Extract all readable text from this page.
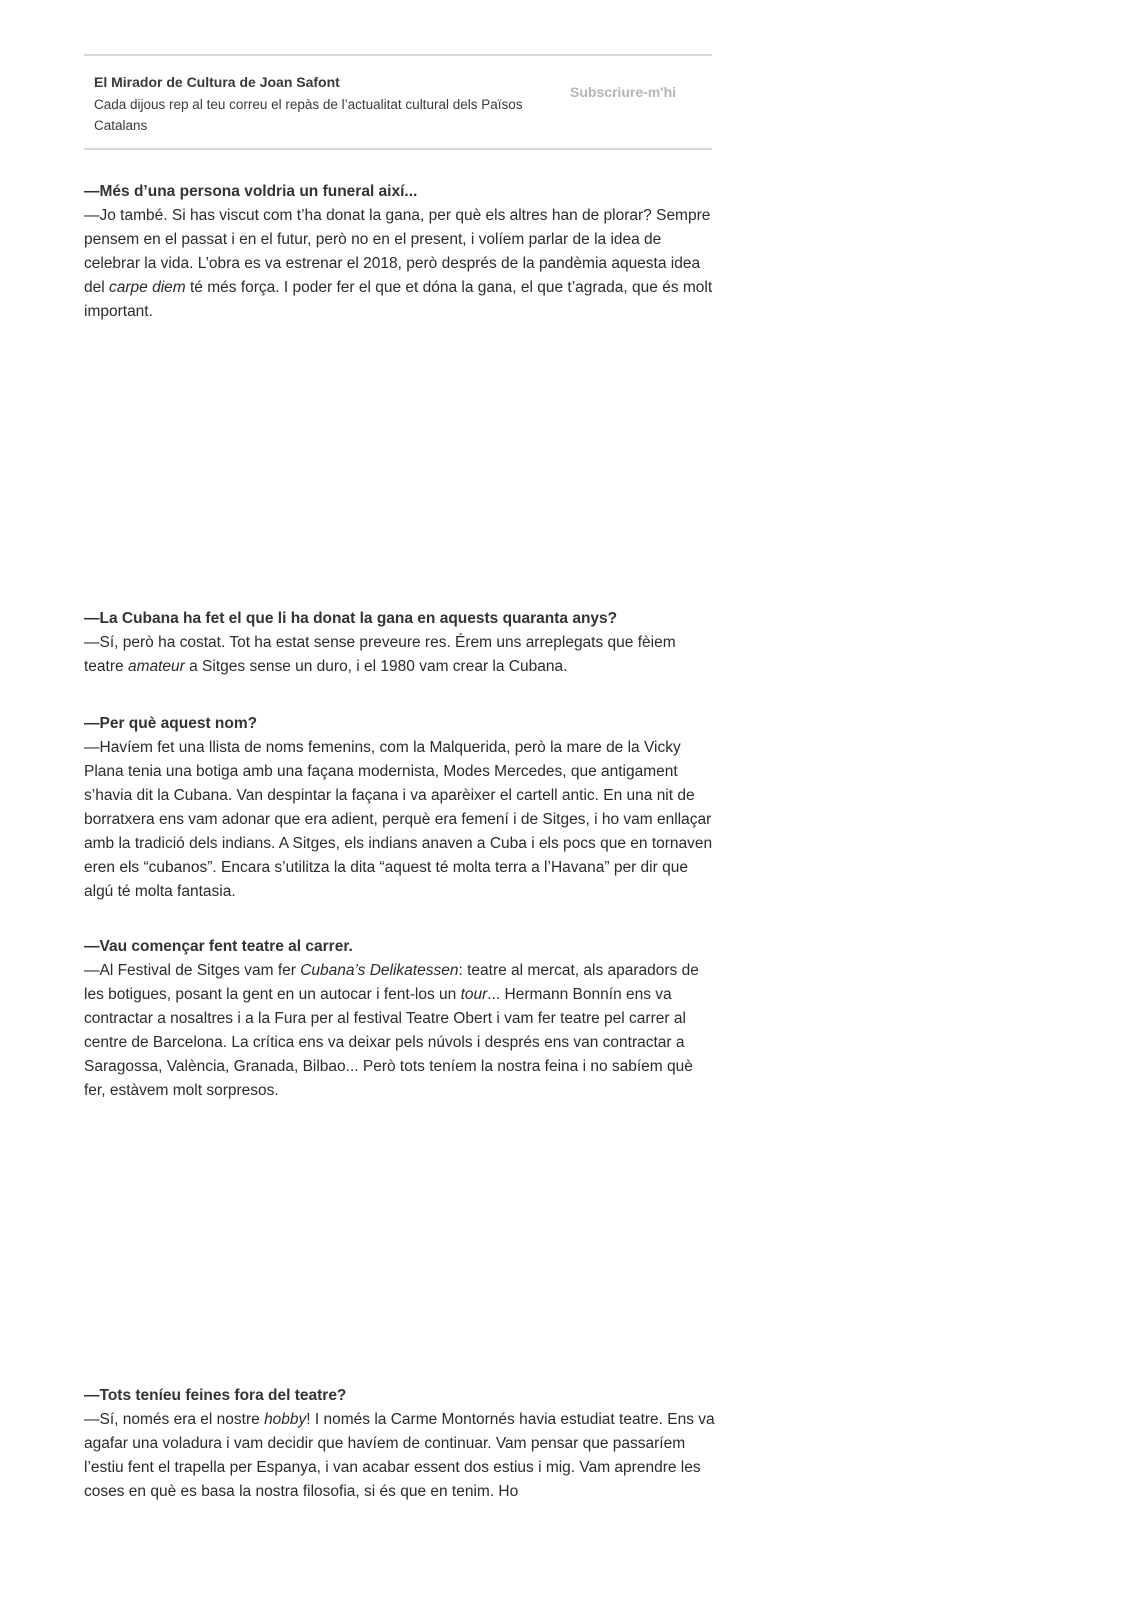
El Mirador de Cultura de Joan Safont
Cada dijous rep al teu correu el repàs de l’actualitat cultural dels Països Catalans
Subscriure-m'hi

—Més d’una persona voldria un funeral així...

—Jo també. Si has viscut com t’ha donat la gana, per què els altres han de plorar? Sempre pensem en el passat i en el futur, però no en el present, i volíem parlar de la idea de celebrar la vida. L’obra es va estrenar el 2018, però després de la pandèmia aquesta idea del carpe diem té més força. I poder fer el que et dóna la gana, el que t’agrada, que és molt important.

—La Cubana ha fet el que li ha donat la gana en aquests quaranta anys?

—Sí, però ha costat. Tot ha estat sense preveure res. Érem uns arreplegats que fèiem teatre amateur a Sitges sense un duro, i el 1980 vam crear la Cubana.

—Per què aquest nom?

—Havíem fet una llista de noms femenins, com la Malquerida, però la mare de la Vicky Plana tenia una botiga amb una façana modernista, Modes Mercedes, que antigament s’havia dit la Cubana. Van despintar la façana i va aparèixer el cartell antic. En una nit de borratxera ens vam adonar que era adient, perquè era femení i de Sitges, i ho vam enllaçar amb la tradició dels indians. A Sitges, els indians anaven a Cuba i els pocs que en tornaven eren els “cubanos”. Encara s’utilitza la dita “aquest té molta terra a l’Havana” per dir que algú té molta fantasia.

—Vau començar fent teatre al carrer.

—Al Festival de Sitges vam fer Cubana’s Delikatessen: teatre al mercat, als aparadors de les botigues, posant la gent en un autocar i fent-los un tour... Hermann Bonnín ens va contractar a nosaltres i a la Fura per al festival Teatre Obert i vam fer teatre pel carrer al centre de Barcelona. La crítica ens va deixar pels núvols i després ens van contractar a Saragossa, València, Granada, Bilbao... Però tots teníem la nostra feina i no sabíem què fer, estàvem molt sorpresos.

—Tots teníeu feines fora del teatre?

—Sí, només era el nostre hobby! I només la Carme Montornés havia estudiat teatre. Ens va agafar una voladura i vam decidir que havíem de continuar. Vam pensar que passaríem l’estiu fent el trapella per Espanya, i van acabar essent dos estius i mig. Vam aprendre les coses en què es basa la nostra filosofia, si és que en tenim. Ho
